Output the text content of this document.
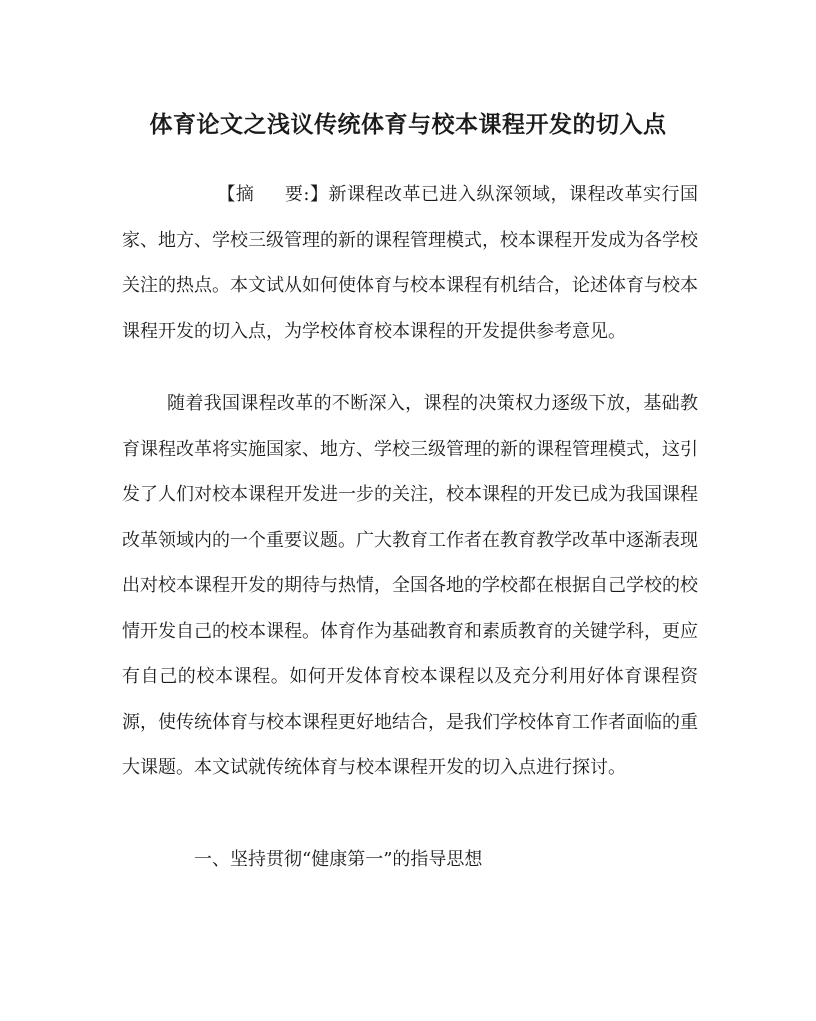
体育论文之浅议传统体育与校本课程开发的切入点

【摘 要:】新课程改革已进入纵深领域，课程改革实行国家、地方、学校三级管理的新的课程管理模式，校本课程开发成为各学校关注的热点。本文试从如何使体育与校本课程有机结合，论述体育与校本课程开发的切入点，为学校体育校本课程的开发提供参考意见。

随着我国课程改革的不断深入，课程的决策权力逐级下放，基础教育课程改革将实施国家、地方、学校三级管理的新的课程管理模式，这引发了人们对校本课程开发进一步的关注，校本课程的开发已成为我国课程改革领域内的一个重要议题。广大教育工作者在教育教学改革中逐渐表现出对校本课程开发的期待与热情，全国各地的学校都在根据自己学校的校情开发自己的校本课程。体育作为基础教育和素质教育的关键学科，更应有自己的校本课程。如何开发体育校本课程以及充分利用好体育课程资源，使传统体育与校本课程更好地结合，是我们学校体育工作者面临的重大课题。本文试就传统体育与校本课程开发的切入点进行探讨。

一、坚持贯彻“健康第一”的指导思想
